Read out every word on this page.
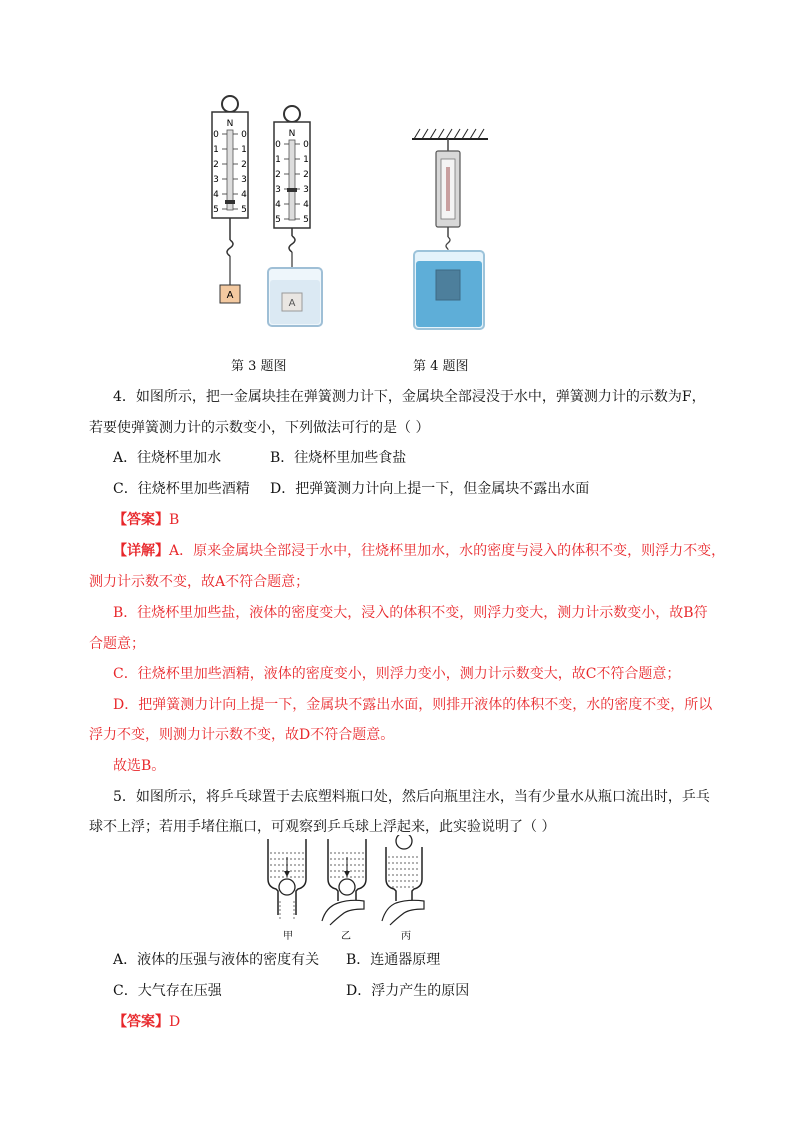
N
0
1
2
3
4
5
0
1
2
3
4
5
A
N
0
1
2
3
4
5
0
1
2
3
4
5
A
第 3 题图	第 4 题图
4．如图所示，把一金属块挂在弹簧测力计下，金属块全部浸没于水中，弹簧测力计的示数为F，
若要使弹簧测力计的示数变小，下列做法可行的是（ ）
A．往烧杯里加水	B．往烧杯里加些食盐
C．往烧杯里加些酒精 D．把弹簧测力计向上提一下，但金属块不露出水面
【答案】B
【详解】A．原来金属块全部浸于水中，往烧杯里加水，水的密度与浸入的体积不变，则浮力不变，
测力计示数不变，故A不符合题意；
B．往烧杯里加些盐，液体的密度变大，浸入的体积不变，则浮力变大，测力计示数变小，故B符
合题意；
C．往烧杯里加些酒精，液体的密度变小，则浮力变小，测力计示数变大，故C不符合题意；
D．把弹簧测力计向上提一下，金属块不露出水面，则排开液体的体积不变，水的密度不变，所以
浮力不变，则测力计示数不变，故D不符合题意。
故选B。
5．如图所示，将乒乓球置于去底塑料瓶口处，然后向瓶里注水，当有少量水从瓶口流出时，乒乓
球不上浮；若用手堵住瓶口，可观察到乒乓球上浮起来，此实验说明了（ ）
甲	乙	丙
A．液体的压强与液体的密度有关 B．连通器原理
C．大气存在压强	D．浮力产生的原因
【答案】D
